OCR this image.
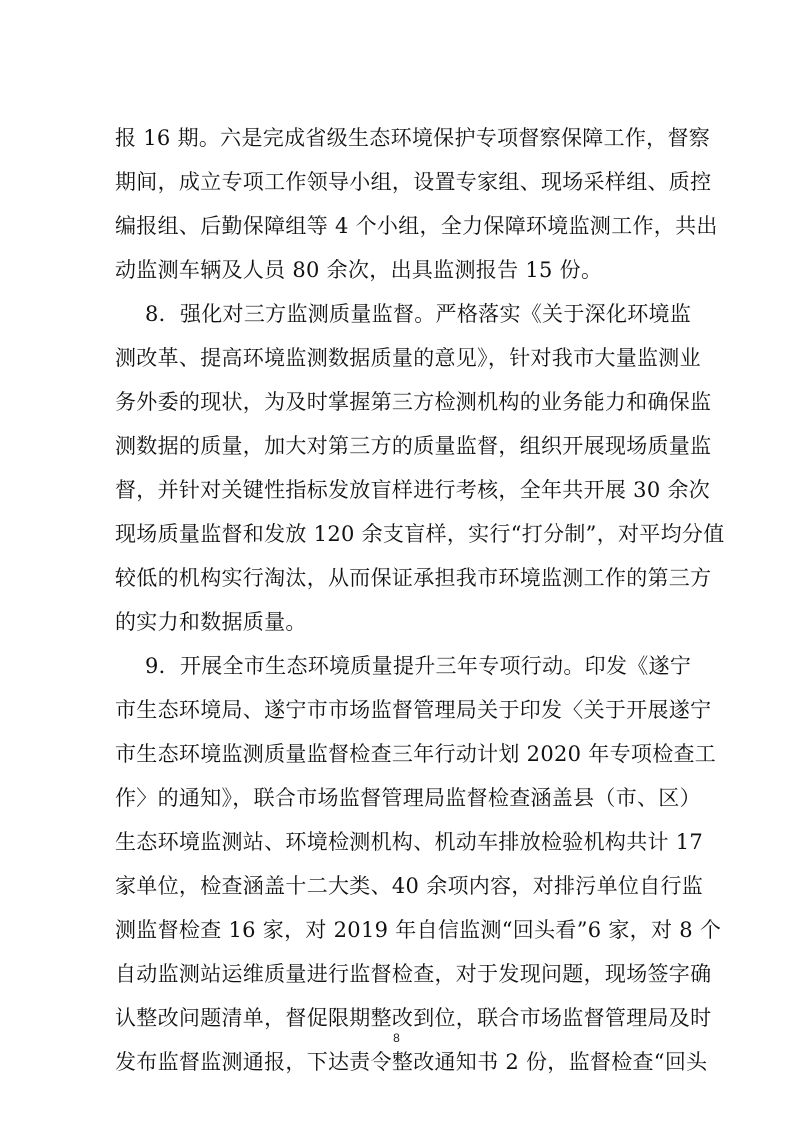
报 16 期。六是完成省级生态环境保护专项督察保障工作，督察
期间，成立专项工作领导小组，设置专家组、现场采样组、质控
编报组、后勤保障组等 4 个小组，全力保障环境监测工作，共出
动监测车辆及人员 80 余次，出具监测报告 15 份。
8．强化对三方监测质量监督。严格落实《关于深化环境监
测改革、提高环境监测数据质量的意见》，针对我市大量监测业
务外委的现状，为及时掌握第三方检测机构的业务能力和确保监
测数据的质量，加大对第三方的质量监督，组织开展现场质量监
督，并针对关键性指标发放盲样进行考核，全年共开展 30 余次
现场质量监督和发放 120 余支盲样，实行“打分制”，对平均分值
较低的机构实行淘汰，从而保证承担我市环境监测工作的第三方
的实力和数据质量。
9．开展全市生态环境质量提升三年专项行动。印发《遂宁
市生态环境局、遂宁市市场监督管理局关于印发〈关于开展遂宁
市生态环境监测质量监督检查三年行动计划 2020 年专项检查工
作〉的通知》，联合市场监督管理局监督检查涵盖县（市、区）
生态环境监测站、环境检测机构、机动车排放检验机构共计 17
家单位，检查涵盖十二大类、40 余项内容，对排污单位自行监
测监督检查 16 家，对 2019 年自信监测“回头看”6 家，对 8 个
自动监测站运维质量进行监督检查，对于发现问题，现场签字确
认整改问题清单，督促限期整改到位，联合市场监督管理局及时
发布监督监测通报，下达责令整改通知书 2 份，监督检查“回头
8
